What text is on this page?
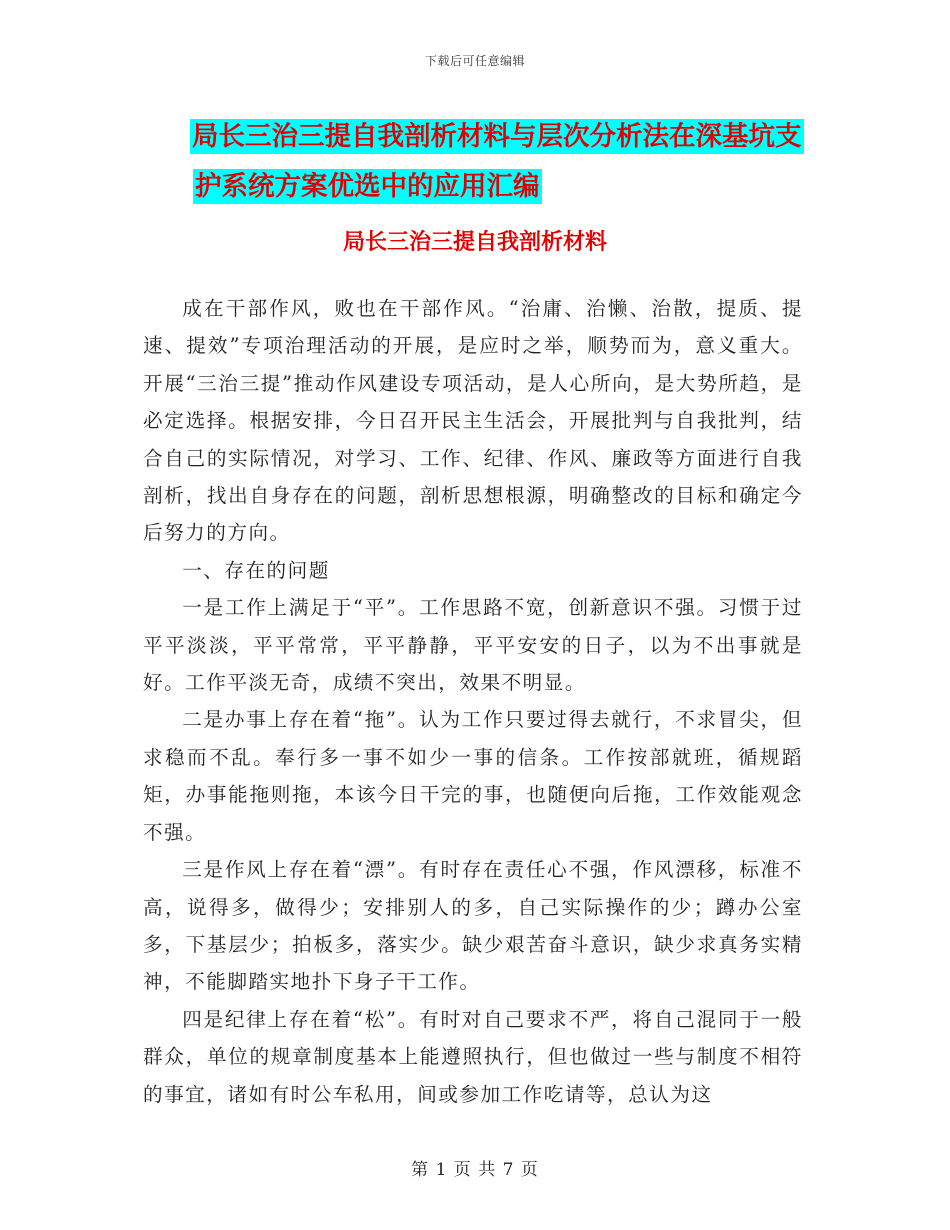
下载后可任意编辑
局长三治三提自我剖析材料与层次分析法在深基坑支
护系统方案优选中的应用汇编
局长三治三提自我剖析材料

成在干部作风，败也在干部作风。“治庸、治懒、治散，提质、提速、提效”专项治理活动的开展，是应时之举，顺势而为，意义重大。开展“三治三提”推动作风建设专项活动，是人心所向，是大势所趋，是必定选择。根据安排，今日召开民主生活会，开展批判与自我批判，结合自己的实际情况，对学习、工作、纪律、作风、廉政等方面进行自我剖析，找出自身存在的问题，剖析思想根源，明确整改的目标和确定今后努力的方向。

一、存在的问题

一是工作上满足于“平”。工作思路不宽，创新意识不强。习惯于过平平淡淡，平平常常，平平静静，平平安安的日子，以为不出事就是好。工作平淡无奇，成绩不突出，效果不明显。

二是办事上存在着“拖”。认为工作只要过得去就行，不求冒尖，但求稳而不乱。奉行多一事不如少一事的信条。工作按部就班，循规蹈矩，办事能拖则拖，本该今日干完的事，也随便向后拖，工作效能观念不强。

三是作风上存在着“漂”。有时存在责任心不强，作风漂移，标准不高，说得多，做得少；安排别人的多，自己实际操作的少；蹲办公室多，下基层少；拍板多，落实少。缺少艰苦奋斗意识，缺少求真务实精神，不能脚踏实地扑下身子干工作。

四是纪律上存在着“松”。有时对自己要求不严，将自己混同于一般群众，单位的规章制度基本上能遵照执行，但也做过一些与制度不相符的事宜，诸如有时公车私用，间或参加工作吃请等，总认为这

第 1 页 共 7 页
